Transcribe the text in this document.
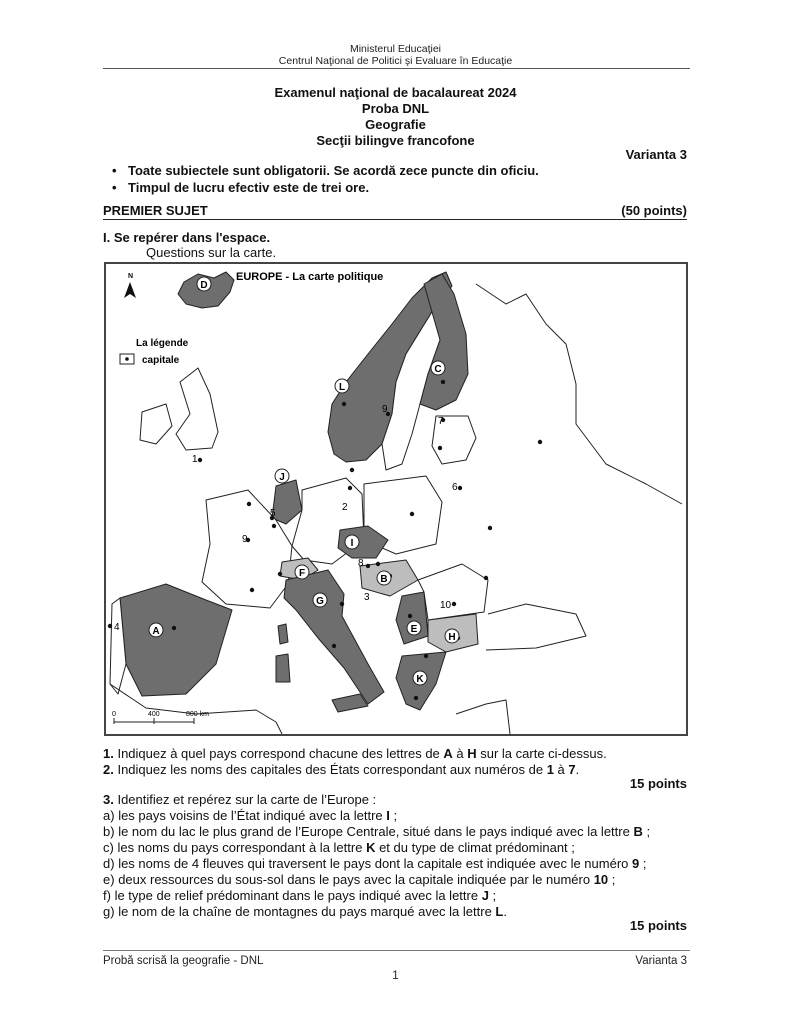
Ministerul Educaţiei
Centrul Naţional de Politici şi Evaluare în Educaţie
Examenul naţional de bacalaureat 2024
Proba DNL
Geografie
Secţii bilingve francofone
Varianta 3
• Toate subiectele sunt obligatorii. Se acordă zece puncte din oficiu.
• Timpul de lucru efectiv este de trei ore.
PREMIER SUJET	(50 points)
I. Se repérer dans l'espace.
Questions sur la carte.
D
L
C
J
I
B
F
G
E
H
A
K
1
2
3
4
5
6
7
8
9
9
10
EUROPE - La carte politique
N
La légende
capitale
0	400	800 km
1. Indiquez à quel pays correspond chacune des lettres de A à H sur la carte ci-dessus.
2. Indiquez les noms des capitales des États correspondant aux numéros de 1 à 7.
15 points
3. Identifiez et repérez sur la carte de l’Europe :
a) les pays voisins de l’État indiqué avec la lettre I ;
b) le nom du lac le plus grand de l’Europe Centrale, situé dans le pays indiqué avec la lettre B ;
c) les noms du pays correspondant à la lettre K et du type de climat prédominant ;
d) les noms de 4 fleuves qui traversent le pays dont la capitale est indiquée avec le numéro 9 ;
e) deux ressources du sous-sol dans le pays avec la capitale indiquée par le numéro 10 ;
f) le type de relief prédominant dans le pays indiqué avec la lettre J ;
g) le nom de la chaîne de montagnes du pays marqué avec la lettre L.
15 points
Probă scrisă la geografie - DNL	Varianta 3
1
